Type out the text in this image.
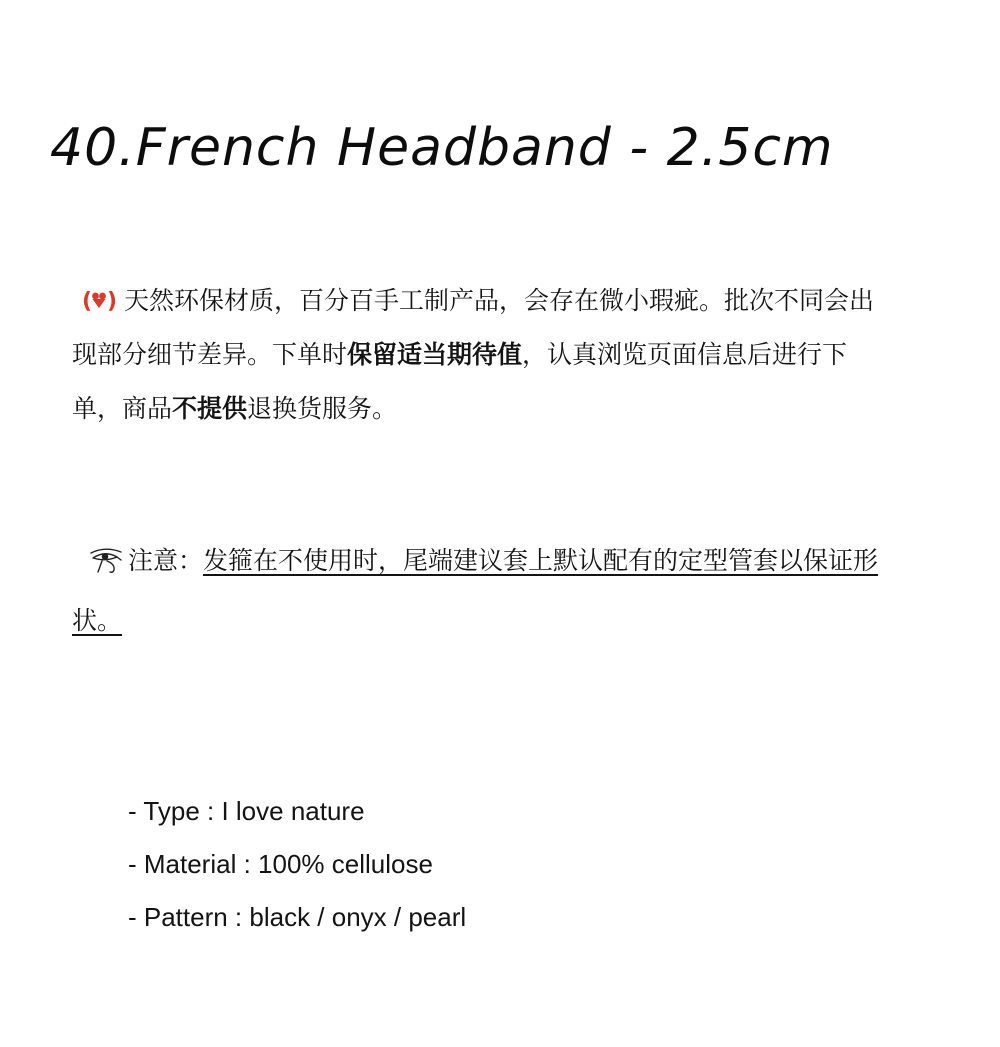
40.French Headband - 2.5cm

( ) 天然环保材质，百分百手工制产品，会存在微小瑕疵。批次不同会出现部分细节差异。下单时保留适当期待值，认真浏览页面信息后进行下单，商品不提供退换货服务。

注意：发箍在不使用时，尾端建议套上默认配有的定型管套以保证形状。

- Type : I love nature
- Material : 100% cellulose
- Pattern : black / onyx / pearl
